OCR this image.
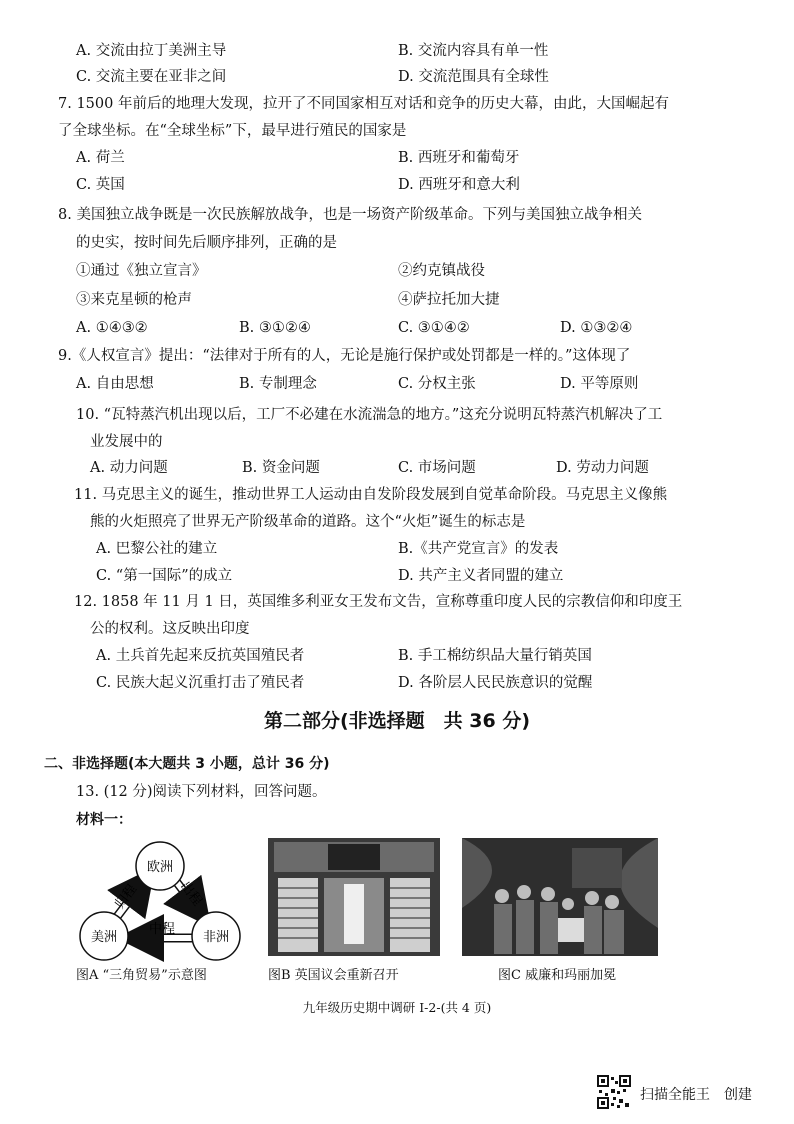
A. 交流由拉丁美洲主导	B. 交流内容具有单一性
C. 交流主要在亚非之间	D. 交流范围具有全球性
7. 1500 年前后的地理大发现，拉开了不同国家相互对话和竞争的历史大幕，由此，大国崛起有
了全球坐标。在“全球坐标”下，最早进行殖民的国家是
A. 荷兰	B. 西班牙和葡萄牙
C. 英国	D. 西班牙和意大利
8. 美国独立战争既是一次民族解放战争，也是一场资产阶级革命。下列与美国独立战争相关
的史实，按时间先后顺序排列，正确的是
①通过《独立宣言》	②约克镇战役
③来克星顿的枪声	④萨拉托加大捷
A. ①④③②	B. ③①②④	C. ③①④②	D. ①③②④
9.《人权宣言》提出：“法律对于所有的人，无论是施行保护或处罚都是一样的。”这体现了
A. 自由思想	B. 专制理念	C. 分权主张	D. 平等原则
10. “瓦特蒸汽机出现以后，工厂不必建在水流湍急的地方。”这充分说明瓦特蒸汽机解决了工
业发展中的
A. 动力问题	B. 资金问题	C. 市场问题	D. 劳动力问题
11. 马克思主义的诞生，推动世界工人运动由自发阶段发展到自觉革命阶段。马克思主义像熊
熊的火炬照亮了世界无产阶级革命的道路。这个“火炬”诞生的标志是
A. 巴黎公社的建立	B.《共产党宣言》的发表
C. “第一国际”的成立	D. 共产主义者同盟的建立
12. 1858 年 11 月 1 日，英国维多利亚女王发布文告，宣称尊重印度人民的宗教信仰和印度王
公的权利。这反映出印度
A. 土兵首先起来反抗英国殖民者	B. 手工棉纺织品大量行销英国
C. 民族大起义沉重打击了殖民者	D. 各阶层人民民族意识的觉醒
第二部分(非选择题　共 36 分)
二、非选择题(本大题共 3 小题，总计 36 分)
13. (12 分)阅读下列材料，回答问题。
材料一：
欧洲
美洲	非洲
出程
中程
归程
图A “三角贸易”示意图	图B 英国议会重新召开	图C 威廉和玛丽加冕
九年级历史期中调研 I-2-(共 4 页)
扫描全能王　创建
